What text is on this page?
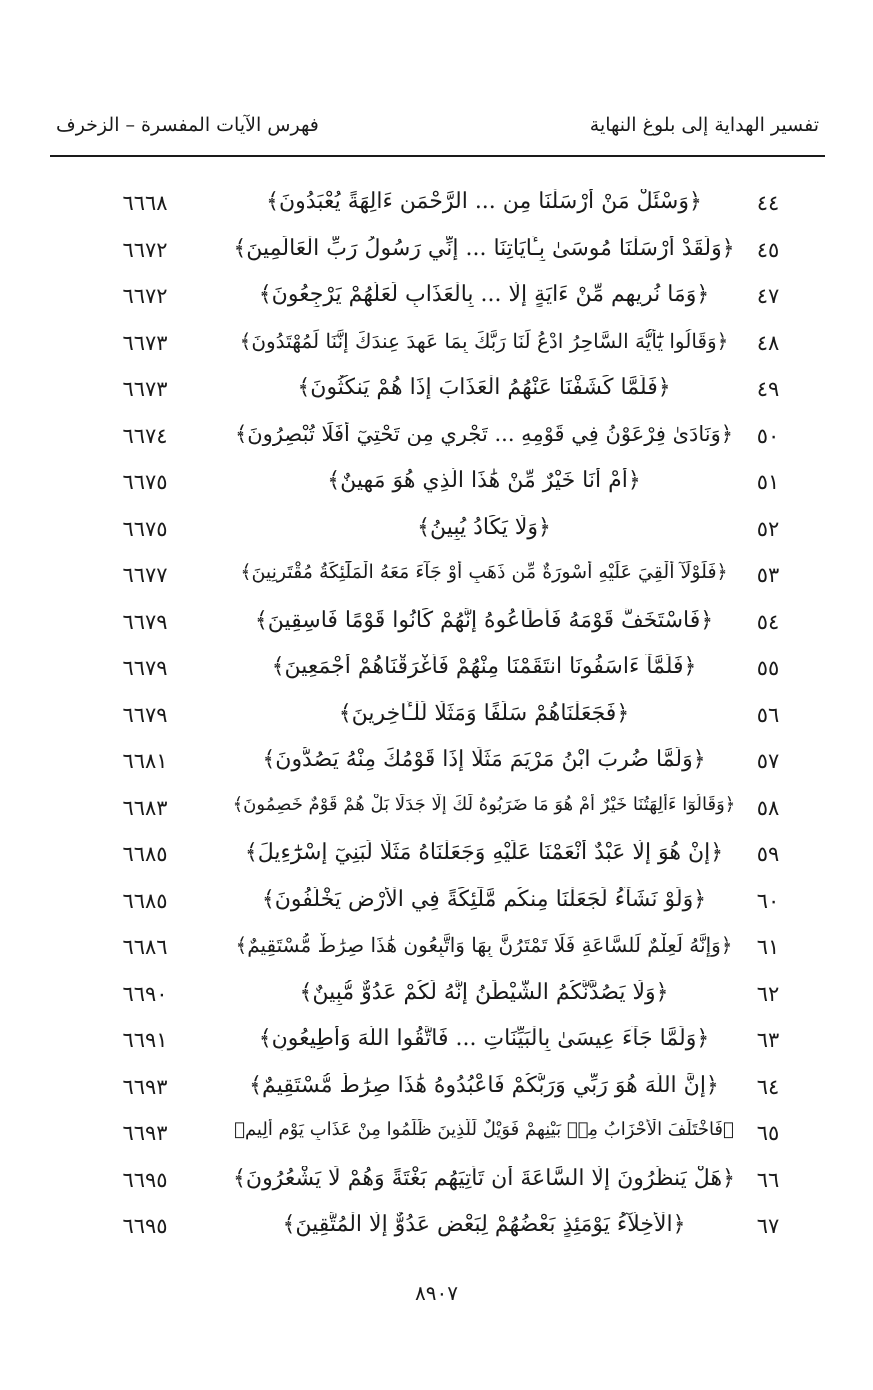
تفسير الهداية إلى بلوغ النهاية
فهرس الآيات المفسرة – الزخرف
٤٤
﴿وَسْئَلْ مَنْ أَرْسَلْنَا مِن ... الرَّحْمَنِ ءَالِهَةً يُعْبَدُونَ﴾
٦٦٦٨
٤٥
﴿وَلَقَدْ أَرْسَلْنَا مُوسَىٰ بِـَٔايَاتِنَا ... إِنِّي رَسُولُ رَبِّ الْعَالَمِينَ﴾
٦٦٧٢
٤٧
﴿وَمَا نُرِيهِم مِّنْ ءَايَةٍ إِلَّا ... بِالْعَذَابِ لَعَلَّهُمْ يَرْجِعُونَ﴾
٦٦٧٢
٤٨
﴿وَقَالُوا يَٰٓأَيُّهَ السَّاحِرُ ادْعُ لَنَا رَبَّكَ بِمَا عَهِدَ عِندَكَ إِنَّنَا لَمُهْتَدُونَ﴾
٦٦٧٣
٤٩
﴿فَلَمَّا كَشَفْنَا عَنْهُمُ الْعَذَابَ إِذَا هُمْ يَنكُثُونَ﴾
٦٦٧٣
٥٠
﴿وَنَادَىٰ فِرْعَوْنُ فِي قَوْمِهِ ... تَجْرِي مِن تَحْتِيٓ أَفَلَا تُبْصِرُونَ﴾
٦٦٧٤
٥١
﴿أَمْ أَنَا خَيْرٌ مِّنْ هَٰذَا الَّذِي هُوَ مَهِينٌ﴾
٦٦٧٥
٥٢
﴿وَلَا يَكَادُ يُبِينُ﴾
٦٦٧٥
٥٣
﴿فَلَوْلَآ أُلْقِيَ عَلَيْهِ أَسْوِرَةٌ مِّن ذَهَبٍ أَوْ جَآءَ مَعَهُ الْمَلَٰٓئِكَةُ مُقْتَرِنِينَ﴾
٦٦٧٧
٥٤
﴿فَاسْتَخَفَّ قَوْمَهُ فَأَطَاعُوهُ إِنَّهُمْ كَانُوا قَوْمًا فَاسِقِينَ﴾
٦٦٧٩
٥٥
﴿فَلَمَّآ ءَاسَفُونَا انتَقَمْنَا مِنْهُمْ فَأَغْرَقْنَاهُمْ أَجْمَعِينَ﴾
٦٦٧٩
٥٦
﴿فَجَعَلْنَاهُمْ سَلَفًا وَمَثَلًا لِّلْـَٔاخِرِينَ﴾
٦٦٧٩
٥٧
﴿وَلَمَّا ضُرِبَ ابْنُ مَرْيَمَ مَثَلًا إِذَا قَوْمُكَ مِنْهُ يَصُدُّونَ﴾
٦٦٨١
٥٨
﴿وَقَالُوٓا ءَأَٰلِهَتُنَا خَيْرٌ أَمْ هُوَ مَا ضَرَبُوهُ لَكَ إِلَّا جَدَلًا بَلْ هُمْ قَوْمٌ خَصِمُونَ﴾
٦٦٨٣
٥٩
﴿إِنْ هُوَ إِلَّا عَبْدٌ أَنْعَمْنَا عَلَيْهِ وَجَعَلْنَاهُ مَثَلًا لِّبَنِيٓ إِسْرَٰٓءِيلَ﴾
٦٦٨٥
٦٠
﴿وَلَوْ نَشَآءُ لَجَعَلْنَا مِنكُم مَّلَٰٓئِكَةً فِي الْأَرْضِ يَخْلُفُونَ﴾
٦٦٨٥
٦١
﴿وَإِنَّهُ لَعِلْمٌ لِّلسَّاعَةِ فَلَا تَمْتَرُنَّ بِهَا وَاتَّبِعُونِ هَٰذَا صِرَٰطٌ مُّسْتَقِيمٌ﴾
٦٦٨٦
٦٢
﴿وَلَا يَصُدَّنَّكُمُ الشَّيْطَٰنُ إِنَّهُ لَكُمْ عَدُوٌّ مُّبِينٌ﴾
٦٦٩٠
٦٣
﴿وَلَمَّا جَآءَ عِيسَىٰ بِالْبَيِّنَاتِ ... فَاتَّقُوا اللَّهَ وَأَطِيعُونِ﴾
٦٦٩١
٦٤
﴿إِنَّ اللَّهَ هُوَ رَبِّي وَرَبُّكُمْ فَاعْبُدُوهُ هَٰذَا صِرَٰطٌ مُّسْتَقِيمٌ﴾
٦٦٩٣
٦٥
﴿فَاخْتَلَفَ الْأَحْزَابُ مِنۢ بَيْنِهِمْ فَوَيْلٌ لِّلَّذِينَ ظَلَمُوا مِنْ عَذَابِ يَوْمٍ أَلِيمٍ﴾
٦٦٩٣
٦٦
﴿هَلْ يَنظُرُونَ إِلَّا السَّاعَةَ أَن تَأْتِيَهُم بَغْتَةً وَهُمْ لَا يَشْعُرُونَ﴾
٦٦٩٥
٦٧
﴿الْأَخِلَّآءُ يَوْمَئِذٍ بَعْضُهُمْ لِبَعْضٍ عَدُوٌّ إِلَّا الْمُتَّقِينَ﴾
٦٦٩٥
٨٩٠٧
